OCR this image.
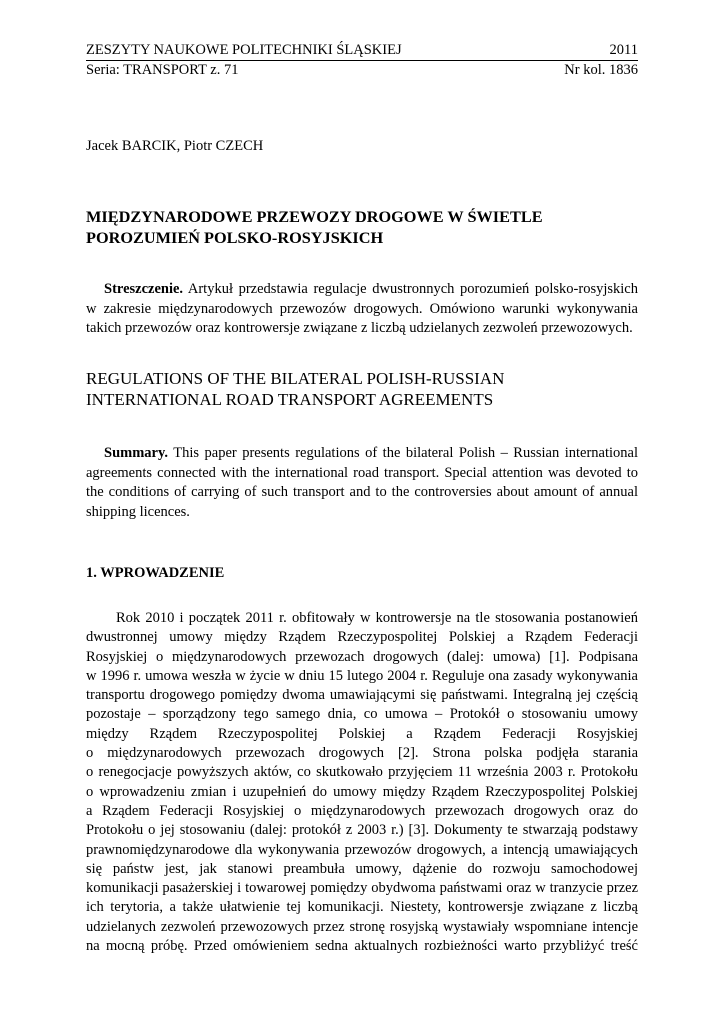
ZESZYTY NAUKOWE POLITECHNIKI ŚLĄSKIEJ	2011
Seria: TRANSPORT z. 71	Nr kol. 1836
Jacek BARCIK, Piotr CZECH
MIĘDZYNARODOWE PRZEWOZY DROGOWE W ŚWIETLE
POROZUMIEŃ POLSKO-ROSYJSKICH
Streszczenie. Artykuł przedstawia regulacje dwustronnych porozumień polsko-rosyjskich w zakresie międzynarodowych przewozów drogowych. Omówiono warunki wykonywania takich przewozów oraz kontrowersje związane z liczbą udzielanych zezwoleń przewozowych.
REGULATIONS OF THE BILATERAL POLISH-RUSSIAN
INTERNATIONAL ROAD TRANSPORT AGREEMENTS
Summary. This paper presents regulations of the bilateral Polish – Russian international agreements connected with the international road transport. Special attention was devoted to the conditions of carrying of such transport and to the controversies about amount of annual shipping licences.
1. WPROWADZENIE
Rok 2010 i początek 2011 r. obfitowały w kontrowersje na tle stosowania postanowień
dwustronnej umowy między Rządem Rzeczypospolitej Polskiej a Rządem Federacji
Rosyjskiej o międzynarodowych przewozach drogowych (dalej: umowa) [1]. Podpisana
w 1996 r. umowa weszła w życie w dniu 15 lutego 2004 r. Reguluje ona zasady wykonywania
transportu drogowego pomiędzy dwoma umawiającymi się państwami. Integralną jej częścią
pozostaje – sporządzony tego samego dnia, co umowa – Protokół o stosowaniu umowy
między Rządem Rzeczypospolitej Polskiej a Rządem Federacji Rosyjskiej
o międzynarodowych przewozach drogowych [2]. Strona polska podjęła starania
o renegocjacje powyższych aktów, co skutkowało przyjęciem 11 września 2003 r. Protokołu
o wprowadzeniu zmian i uzupełnień do umowy między Rządem Rzeczypospolitej Polskiej
a Rządem Federacji Rosyjskiej o międzynarodowych przewozach drogowych oraz do
Protokołu o jej stosowaniu (dalej: protokół z 2003 r.) [3]. Dokumenty te stwarzają podstawy
prawnomiędzynarodowe dla wykonywania przewozów drogowych, a intencją umawiających
się państw jest, jak stanowi preambuła umowy, dążenie do rozwoju samochodowej
komunikacji pasażerskiej i towarowej pomiędzy obydwoma państwami oraz w tranzycie przez
ich terytoria, a także ułatwienie tej komunikacji. Niestety, kontrowersje związane z liczbą
udzielanych zezwoleń przewozowych przez stronę rosyjską wystawiały wspomniane intencje
na mocną próbę. Przed omówieniem sedna aktualnych rozbieżności warto przybliżyć treść
